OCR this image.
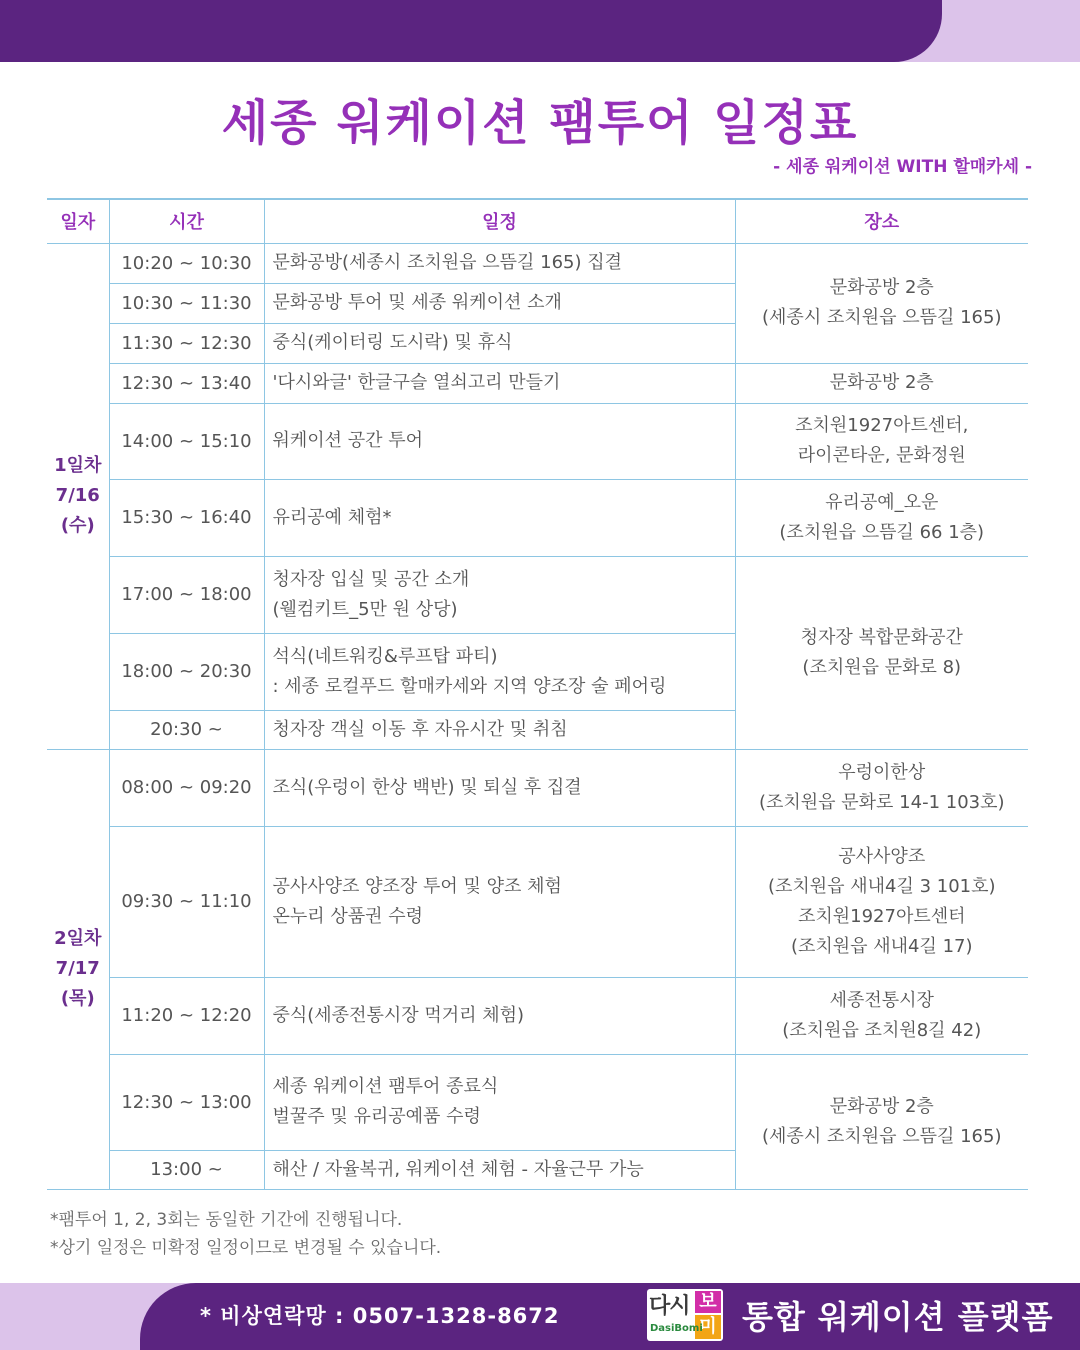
세종 워케이션 팸투어 일정표
- 세종 워케이션 WITH 할매카세 -
일자	시간	일정	장소

1일차
7/16
(수)	10:20 ~ 10:30	문화공방(세종시 조치원읍 으뜸길 165) 집결	문화공방 2층
(세종시 조치원읍 으뜸길 165)

	10:30 ~ 11:30	문화공방 투어 및 세종 워케이션 소개	

	11:30 ~ 12:30	중식(케이터링 도시락) 및 휴식	

	12:30 ~ 13:40	'다시와글' 한글구슬 열쇠고리 만들기	문화공방 2층

	14:00 ~ 15:10	워케이션 공간 투어	조치원1927아트센터,
라이콘타운, 문화정원

	15:30 ~ 16:40	유리공예 체험*	유리공예_오운
(조치원읍 으뜸길 66 1층)

	17:00 ~ 18:00	청자장 입실 및 공간 소개
(웰컴키트_5만 원 상당)	청자장 복합문화공간
(조치원읍 문화로 8)

	18:00 ~ 20:30	석식(네트워킹&루프탑 파티)
: 세종 로컬푸드 할매카세와 지역 양조장 술 페어링	

	20:30 ~	청자장 객실 이동 후 자유시간 및 취침	

2일차
7/17
(목)	08:00 ~ 09:20	조식(우렁이 한상 백반) 및 퇴실 후 집결	우렁이한상
(조치원읍 문화로 14-1 103호)

	09:30 ~ 11:10	공사사양조 양조장 투어 및 양조 체험
온누리 상품권 수령	공사사양조
(조치원읍 새내4길 3 101호)
조치원1927아트센터
(조치원읍 새내4길 17)

	11:20 ~ 12:20	중식(세종전통시장 먹거리 체험)	세종전통시장
(조치원읍 조치원8길 42)

	12:30 ~ 13:00	세종 워케이션 팸투어 종료식
벌꿀주 및 유리공예품 수령	문화공방 2층
(세종시 조치원읍 으뜸길 165)

	13:00 ~	해산 / 자율복귀, 워케이션 체험 - 자율근무 가능	
*팸투어 1, 2, 3회는 동일한 기간에 진행됩니다.
*상기 일정은 미확정 일정이므로 변경될 수 있습니다.
* 비상연락망 : 0507-1328-8672	다시 보
미
DasiBomi 통합 워케이션 플랫폼
